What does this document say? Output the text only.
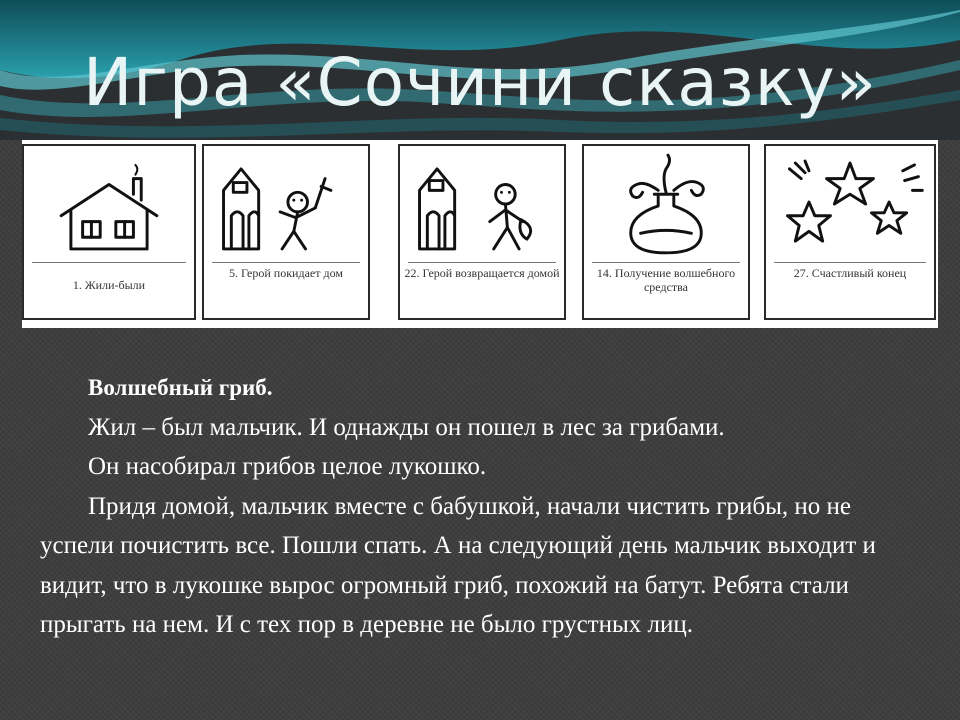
Игра «Сочини сказку»
1. Жили-были
5. Герой покидает дом	22. Герой возвращается домой	14. Получение волшебного средства
27. Счастливый конец

Волшебный гриб.

Жил – был мальчик. И однажды он пошел в лес за грибами.

Он насобирал грибов целое лукошко.

Придя домой, мальчик вместе с бабушкой, начали чистить грибы, но не успели почистить все. Пошли спать. А на следующий день мальчик выходит и видит, что в лукошке вырос огромный гриб, похожий на батут. Ребята стали прыгать на нем. И с тех пор в деревне не было грустных лиц.
